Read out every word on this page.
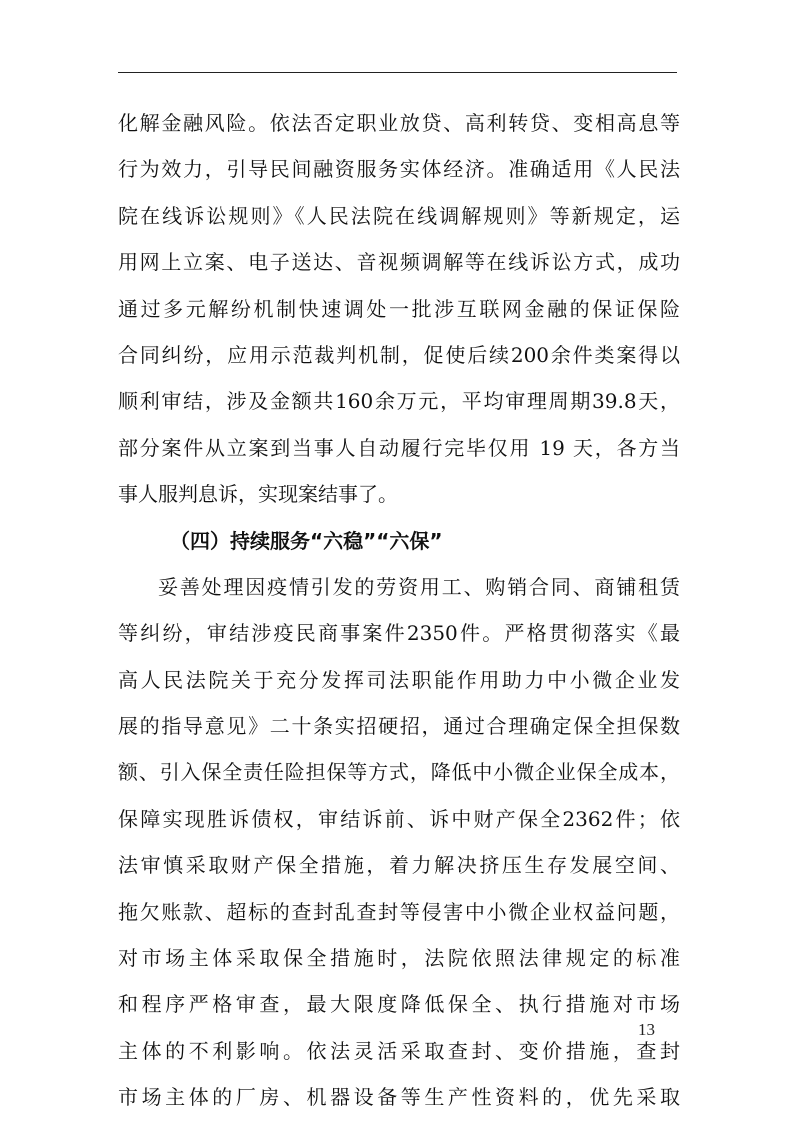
化解金融风险。依法否定职业放贷、高利转贷、变相高息等
行为效力，引导民间融资服务实体经济。准确适用《人民法
院在线诉讼规则》《人民法院在线调解规则》等新规定，运
用网上立案、电子送达、音视频调解等在线诉讼方式，成功
通过多元解纷机制快速调处一批涉互联网金融的保证保险
合同纠纷，应用示范裁判机制，促使后续200余件类案得以
顺利审结，涉及金额共160余万元，平均审理周期39.8天，
部分案件从立案到当事人自动履行完毕仅用 19 天，各方当
事人服判息诉，实现案结事了。
（四）持续服务“六稳”“六保”
妥善处理因疫情引发的劳资用工、购销合同、商铺租赁
等纠纷，审结涉疫民商事案件2350件。严格贯彻落实《最
高人民法院关于充分发挥司法职能作用助力中小微企业发
展的指导意见》二十条实招硬招，通过合理确定保全担保数
额、引入保全责任险担保等方式，降低中小微企业保全成本，
保障实现胜诉债权，审结诉前、诉中财产保全2362件；依
法审慎采取财产保全措施，着力解决挤压生存发展空间、
拖欠账款、超标的查封乱查封等侵害中小微企业权益问题，
对市场主体采取保全措施时，法院依照法律规定的标准
和程序严格审查，最大限度降低保全、执行措施对市场
主体的不利影响。依法灵活采取查封、变价措施，查封
市场主体的厂房、机器设备等生产性资料的，优先采取
13
